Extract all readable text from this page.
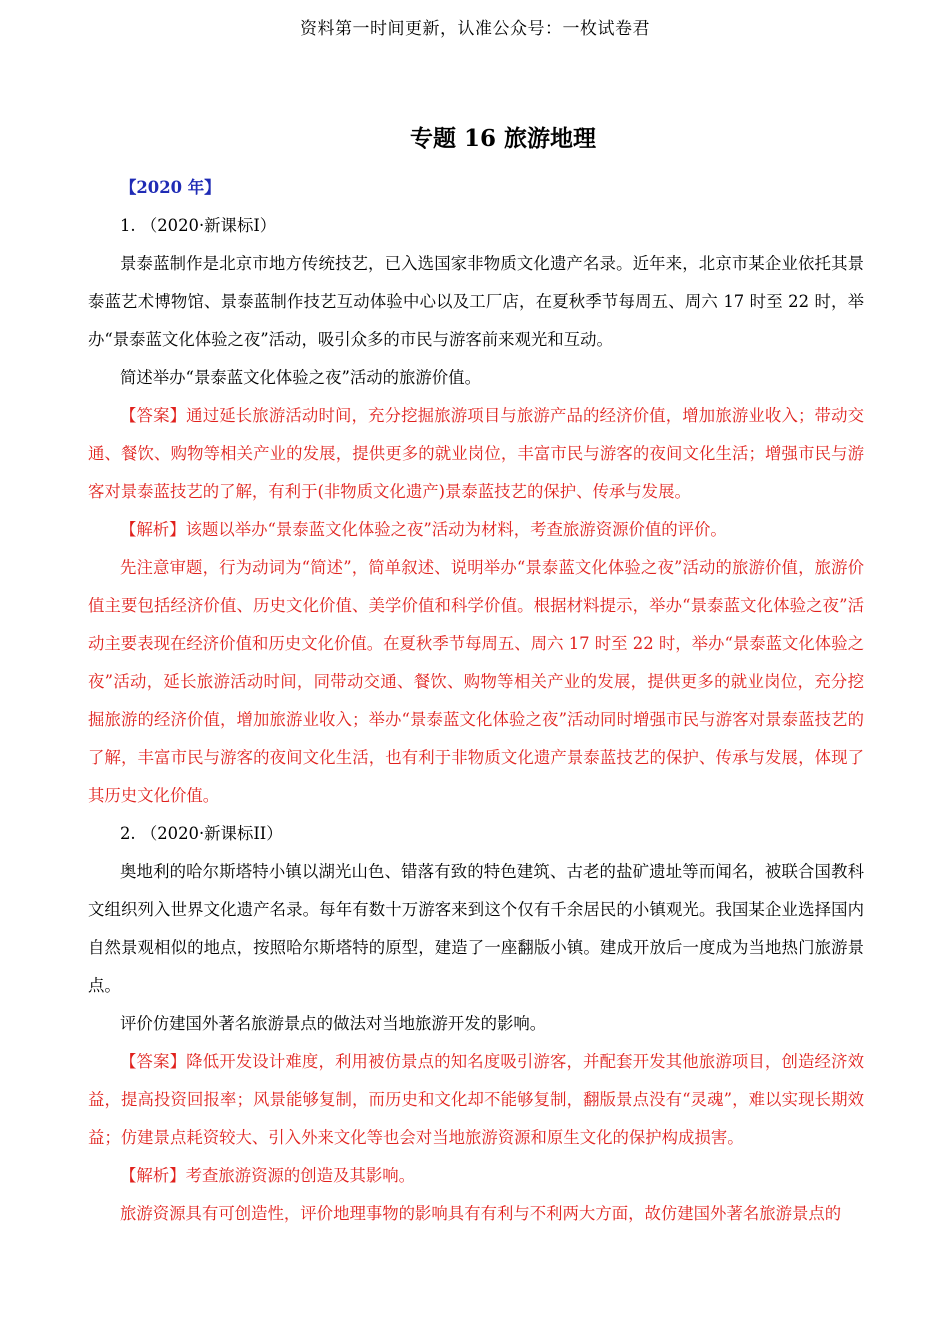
资料第一时间更新，认准公众号：一枚试卷君
专题 16 旅游地理

【2020 年】

1. （2020·新课标I）

景泰蓝制作是北京市地方传统技艺，已入选国家非物质文化遗产名录。近年来，北京市某企业依托其景泰蓝艺术博物馆、景泰蓝制作技艺互动体验中心以及工厂店，在夏秋季节每周五、周六 17 时至 22 时，举办“景泰蓝文化体验之夜”活动，吸引众多的市民与游客前来观光和互动。

简述举办“景泰蓝文化体验之夜”活动的旅游价值。

【答案】通过延长旅游活动时间，充分挖掘旅游项目与旅游产品的经济价值，增加旅游业收入；带动交通、餐饮、购物等相关产业的发展，提供更多的就业岗位，丰富市民与游客的夜间文化生活；增强市民与游客对景泰蓝技艺的了解，有利于(非物质文化遗产)景泰蓝技艺的保护、传承与发展。

【解析】该题以举办“景泰蓝文化体验之夜”活动为材料，考查旅游资源价值的评价。

先注意审题，行为动词为“简述”，简单叙述、说明举办“景泰蓝文化体验之夜”活动的旅游价值，旅游价值主要包括经济价值、历史文化价值、美学价值和科学价值。根据材料提示，举办“景泰蓝文化体验之夜”活动主要表现在经济价值和历史文化价值。在夏秋季节每周五、周六 17 时至 22 时，举办“景泰蓝文化体验之夜”活动，延长旅游活动时间，同带动交通、餐饮、购物等相关产业的发展，提供更多的就业岗位，充分挖掘旅游的经济价值，增加旅游业收入；举办“景泰蓝文化体验之夜”活动同时增强市民与游客对景泰蓝技艺的了解，丰富市民与游客的夜间文化生活，也有利于非物质文化遗产景泰蓝技艺的保护、传承与发展，体现了其历史文化价值。

2. （2020·新课标II）

奥地利的哈尔斯塔特小镇以湖光山色、错落有致的特色建筑、古老的盐矿遗址等而闻名，被联合国教科文组织列入世界文化遗产名录。每年有数十万游客来到这个仅有千余居民的小镇观光。我国某企业选择国内自然景观相似的地点，按照哈尔斯塔特的原型，建造了一座翻版小镇。建成开放后一度成为当地热门旅游景点。

评价仿建国外著名旅游景点的做法对当地旅游开发的影响。

【答案】降低开发设计难度，利用被仿景点的知名度吸引游客，并配套开发其他旅游项目，创造经济效益，提高投资回报率；风景能够复制，而历史和文化却不能够复制，翻版景点没有“灵魂”，难以实现长期效益；仿建景点耗资较大、引入外来文化等也会对当地旅游资源和原生文化的保护构成损害。

【解析】考查旅游资源的创造及其影响。

旅游资源具有可创造性，评价地理事物的影响具有有利与不利两大方面，故仿建国外著名旅游景点的
